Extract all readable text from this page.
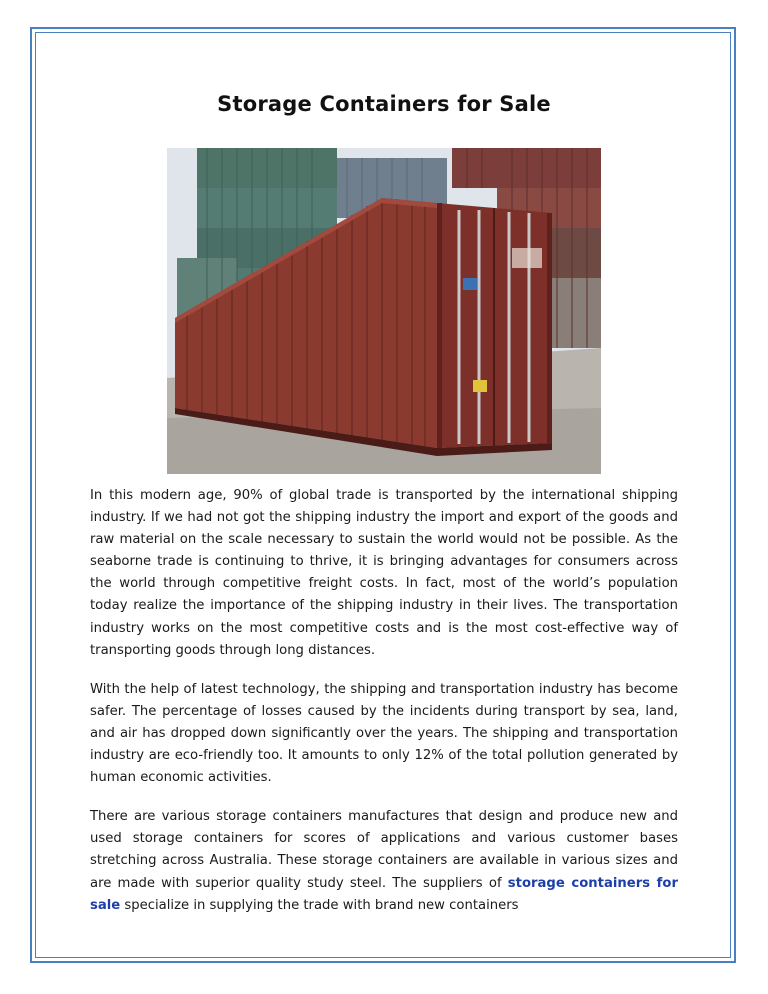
Storage Containers for Sale

In this modern age, 90% of global trade is transported by the international shipping industry. If we had not got the shipping industry the import and export of the goods and raw material on the scale necessary to sustain the world would not be possible. As the seaborne trade is continuing to thrive, it is bringing advantages for consumers across the world through competitive freight costs. In fact, most of the world’s population today realize the importance of the shipping industry in their lives. The transportation industry works on the most competitive costs and is the most cost-effective way of transporting goods through long distances.

With the help of latest technology, the shipping and transportation industry has become safer. The percentage of losses caused by the incidents during transport by sea, land, and air has dropped down significantly over the years. The shipping and transportation industry are eco-friendly too. It amounts to only 12% of the total pollution generated by human economic activities.

There are various storage containers manufactures that design and produce new and used storage containers for scores of applications and various customer bases stretching across Australia. These storage containers are available in various sizes and are made with superior quality study steel. The suppliers of storage containers for sale specialize in supplying the trade with brand new containers
